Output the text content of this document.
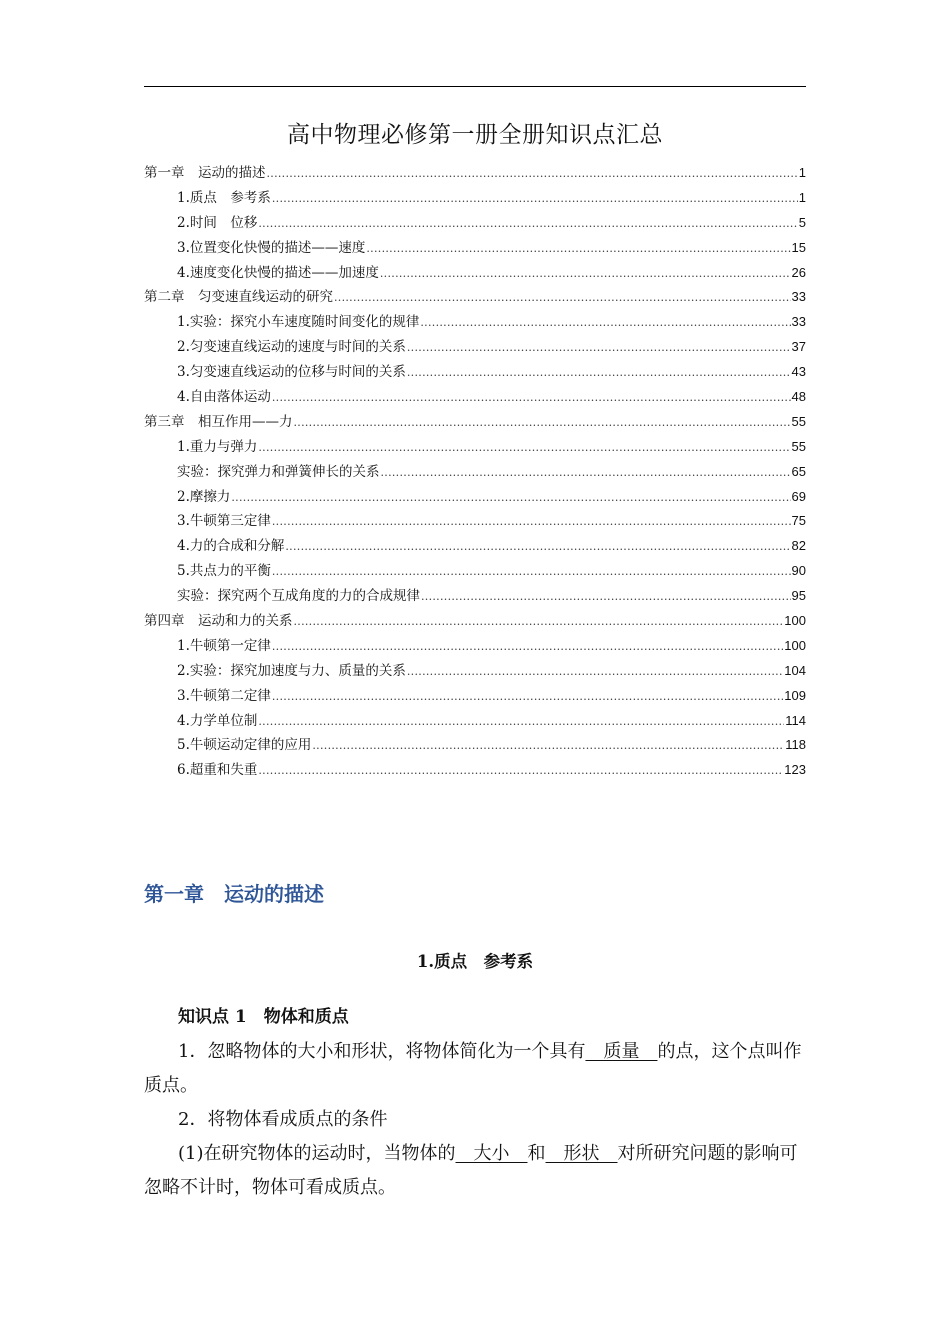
高中物理必修第一册全册知识点汇总
第一章　运动的描述 .....	1
1.质点　参考系 .....	1
2.时间　位移 .....	5
3.位置变化快慢的描述——速度 .....	15
4.速度变化快慢的描述——加速度 .....	26
第二章　匀变速直线运动的研究 .....	33
1.实验：探究小车速度随时间变化的规律 .....	33
2.匀变速直线运动的速度与时间的关系 .....	37
3.匀变速直线运动的位移与时间的关系 .....	43
4.自由落体运动 .....	48
第三章　相互作用——力 .....	55
1.重力与弹力 .....	55
实验：探究弹力和弹簧伸长的关系 .....	65
2.摩擦力 .....	69
3.牛顿第三定律 .....	75
4.力的合成和分解 .....	82
5.共点力的平衡 .....	90
实验：探究两个互成角度的力的合成规律 .....	95
第四章　运动和力的关系 .....	100
1.牛顿第一定律 .....	100
2.实验：探究加速度与力、质量的关系 .....	104
3.牛顿第二定律 .....	109
4.力学单位制 .....	114
5.牛顿运动定律的应用 .....	118
6.超重和失重 .....	123
第一章　运动的描述
1.质点　参考系
知识点 1　物体和质点
1．忽略物体的大小和形状，将物体简化为一个具有 质量 的点，这个点叫作质点。
2．将物体看成质点的条件
(1)在研究物体的运动时，当物体的 大小 和 形状 对所研究问题的影响可忽略不计时，物体可看成质点。
